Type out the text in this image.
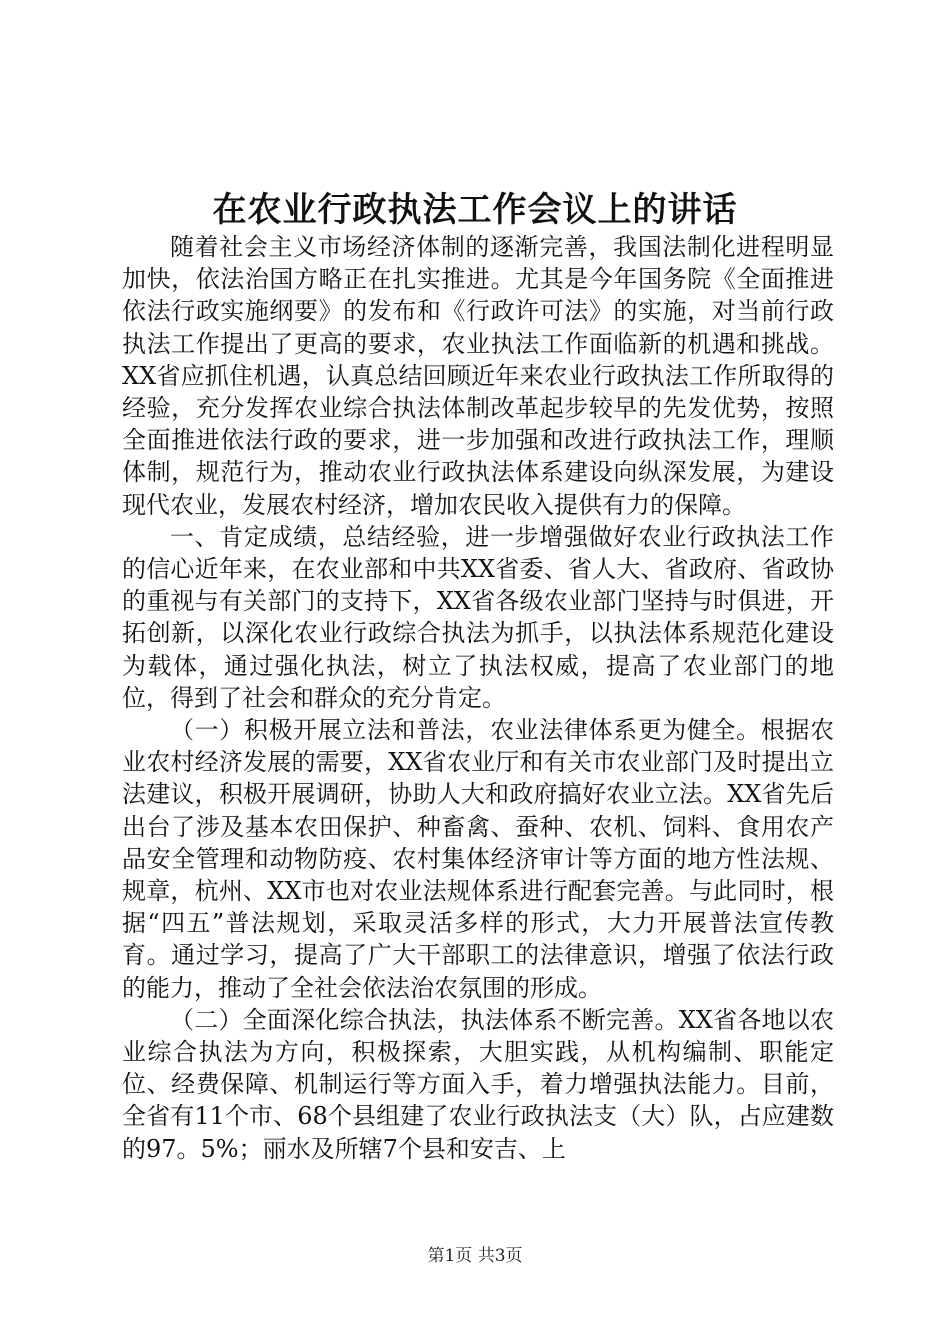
在农业行政执法工作会议上的讲话

随着社会主义市场经济体制的逐渐完善，我国法制化进程明显加快，依法治国方略正在扎实推进。尤其是今年国务院《全面推进依法行政实施纲要》的发布和《行政许可法》的实施，对当前行政执法工作提出了更高的要求，农业执法工作面临新的机遇和挑战。XX省应抓住机遇，认真总结回顾近年来农业行政执法工作所取得的经验，充分发挥农业综合执法体制改革起步较早的先发优势，按照全面推进依法行政的要求，进一步加强和改进行政执法工作，理顺体制，规范行为，推动农业行政执法体系建设向纵深发展，为建设现代农业，发展农村经济，增加农民收入提供有力的保障。

一、肯定成绩，总结经验，进一步增强做好农业行政执法工作的信心近年来，在农业部和中共XX省委、省人大、省政府、省政协的重视与有关部门的支持下，XX省各级农业部门坚持与时俱进，开拓创新，以深化农业行政综合执法为抓手，以执法体系规范化建设为载体，通过强化执法，树立了执法权威，提高了农业部门的地位，得到了社会和群众的充分肯定。

（一）积极开展立法和普法，农业法律体系更为健全。根据农业农村经济发展的需要，XX省农业厅和有关市农业部门及时提出立法建议，积极开展调研，协助人大和政府搞好农业立法。XX省先后出台了涉及基本农田保护、种畜禽、蚕种、农机、饲料、食用农产品安全管理和动物防疫、农村集体经济审计等方面的地方性法规、规章，杭州、XX市也对农业法规体系进行配套完善。与此同时，根据“四五”普法规划，采取灵活多样的形式，大力开展普法宣传教育。通过学习，提高了广大干部职工的法律意识，增强了依法行政的能力，推动了全社会依法治农氛围的形成。

（二）全面深化综合执法，执法体系不断完善。XX省各地以农业综合执法为方向，积极探索，大胆实践，从机构编制、职能定位、经费保障、机制运行等方面入手，着力增强执法能力。目前，全省有11个市、68个县组建了农业行政执法支（大）队，占应建数的97。5%；丽水及所辖7个县和安吉、上

第1页 共3页
